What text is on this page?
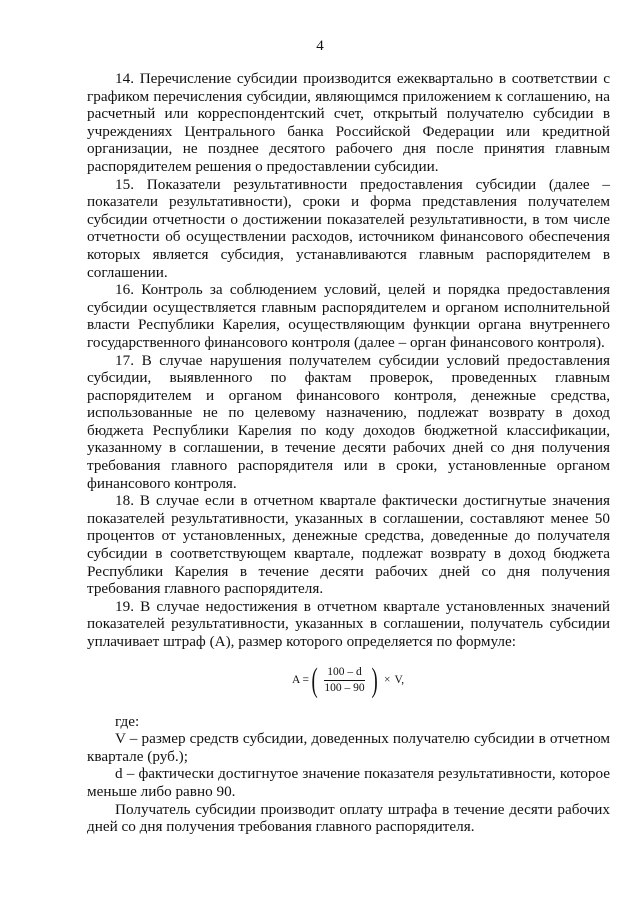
4

14. Перечисление субсидии производится ежеквартально в соответствии с графиком перечисления субсидии, являющимся приложением к соглашению, на расчетный или корреспондентский счет, открытый получателю субсидии в учреждениях Центрального банка Российской Федерации или кредитной организации, не позднее десятого рабочего дня после принятия главным распорядителем решения о предоставлении субсидии.

15. Показатели результативности предоставления субсидии (далее – показатели результативности), сроки и форма представления получателем субсидии отчетности о достижении показателей результативности, в том числе отчетности об осуществлении расходов, источником финансового обеспечения которых является субсидия, устанавливаются главным распорядителем в соглашении.

16. Контроль за соблюдением условий, целей и порядка предоставления субсидии осуществляется главным распорядителем и органом исполнительной власти Республики Карелия, осуществляющим функции органа внутреннего государственного финансового контроля (далее – орган финансового контроля).

17. В случае нарушения получателем субсидии условий предоставления субсидии, выявленного по фактам проверок, проведенных главным распорядителем и органом финансового контроля, денежные средства, использованные не по целевому назначению, подлежат возврату в доход бюджета Республики Карелия по коду доходов бюджетной классификации, указанному в соглашении, в течение десяти рабочих дней со дня получения требования главного распорядителя или в сроки, установленные органом финансового контроля.

18. В случае если в отчетном квартале фактически достигнутые значения показателей результативности, указанных в соглашении, составляют менее 50 процентов от установленных, денежные средства, доведенные до получателя субсидии в соответствующем квартале, подлежат возврату в доход бюджета Республики Карелия в течение десяти рабочих дней со дня получения требования главного распорядителя.

19. В случае недостижения в отчетном квартале установленных значений показателей результативности, указанных в соглашении, получатель субсидии уплачивает штраф (А), размер которого определяется по формуле:

A = ( $\frac{100 - d}{100 - 90}$ ) × V,

где:

V – размер средств субсидии, доведенных получателю субсидии в отчетном квартале (руб.);

d – фактически достигнутое значение показателя результативности, которое меньше либо равно 90.

Получатель субсидии производит оплату штрафа в течение десяти рабочих дней со дня получения требования главного распорядителя.
